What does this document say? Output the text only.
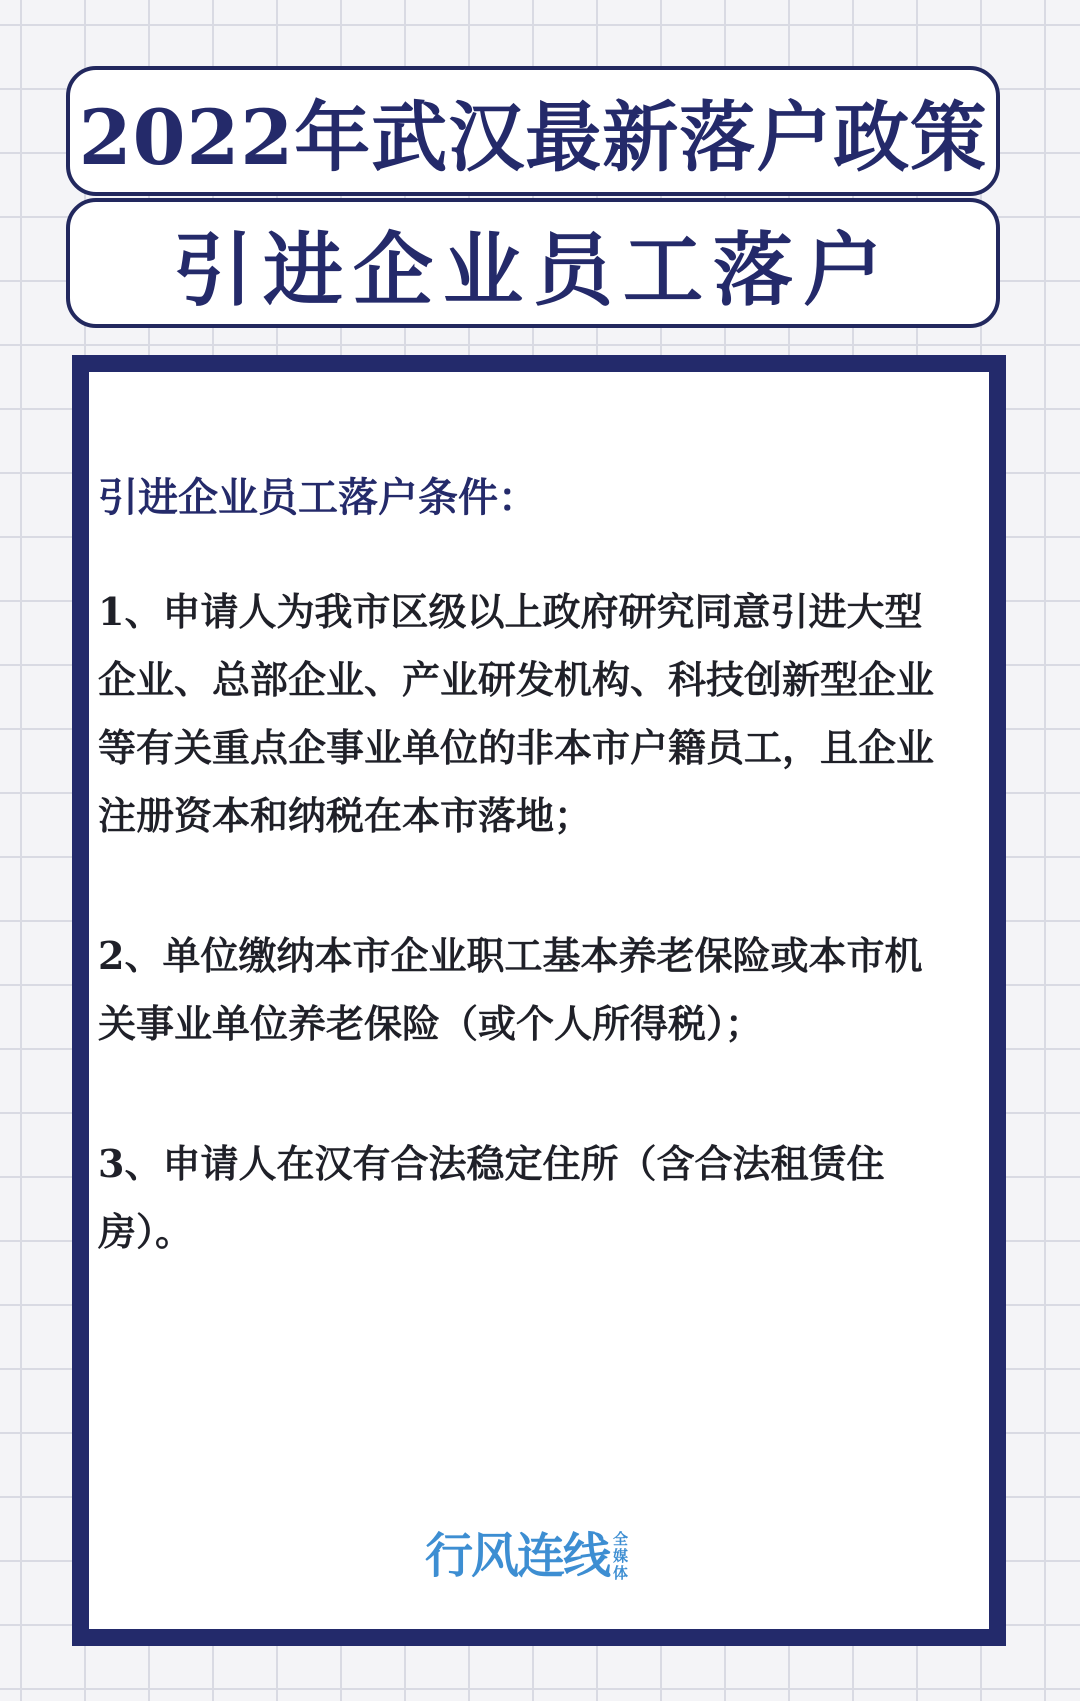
2022年武汉最新落户政策
引进企业员工落户
引进企业员工落户条件：
1、申请人为我市区级以上政府研究同意引进大型企业、总部企业、产业研发机构、科技创新型企业等有关重点企事业单位的非本市户籍员工，且企业注册资本和纳税在本市落地；
2、单位缴纳本市企业职工基本养老保险或本市机关事业单位养老保险（或个人所得税）；
3、申请人在汉有合法稳定住所（含合法租赁住房）。
行风连线 全媒体
